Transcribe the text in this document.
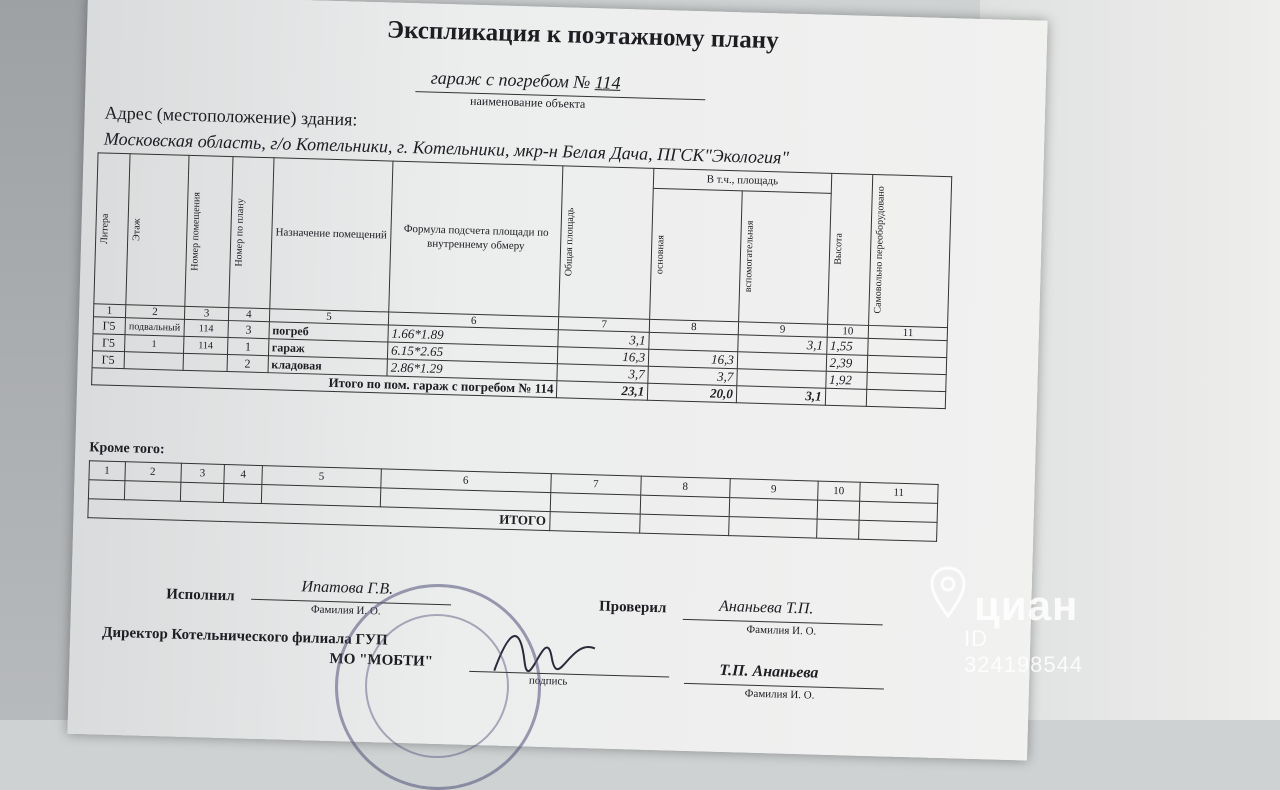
Экспликация к поэтажному плану
гараж с погребом № 114
наименование объекта
Адрес (местоположение) здания:
Московская область, г/о Котельники, г. Котельники, мкр-н Белая Дача, ПГСК"Экология"
Литера	Этаж	Номер помещения	Номер по плану	Назначение помещений	Формула подсчета площади по внутреннему обмеру	Общая площадь	В т.ч., площадь		Высота	Самовольно переоборудовано

							основная	вспомогательная		

1	2	3	4	5	6	7	8	9	10	11
Г5	подвальный	114	3	погреб	1.66*1.89	3,1		3,1	1,55	
Г5	1	114	1	гараж	6.15*2.65	16,3	16,3		2,39	
Г5			2	кладовая	2.86*1.29	3,7	3,7		1,92	
Итого по пом. гараж с погребом № 114						23,1	20,0	3,1		
Кроме того:
1	2	3	4	5	6	7	8	9	10	11

ИТОГО										
Исполнил	Ипатова Г.В.
Фамилия И. О.	Проверил	Ананьева Т.П.
Фамилия И. О.
Директор Котельнического филиала ГУП
МО "МОБТИ"
подпись	Т.П. Ананьева
Фамилия И. О.
циан
ID 324198544
